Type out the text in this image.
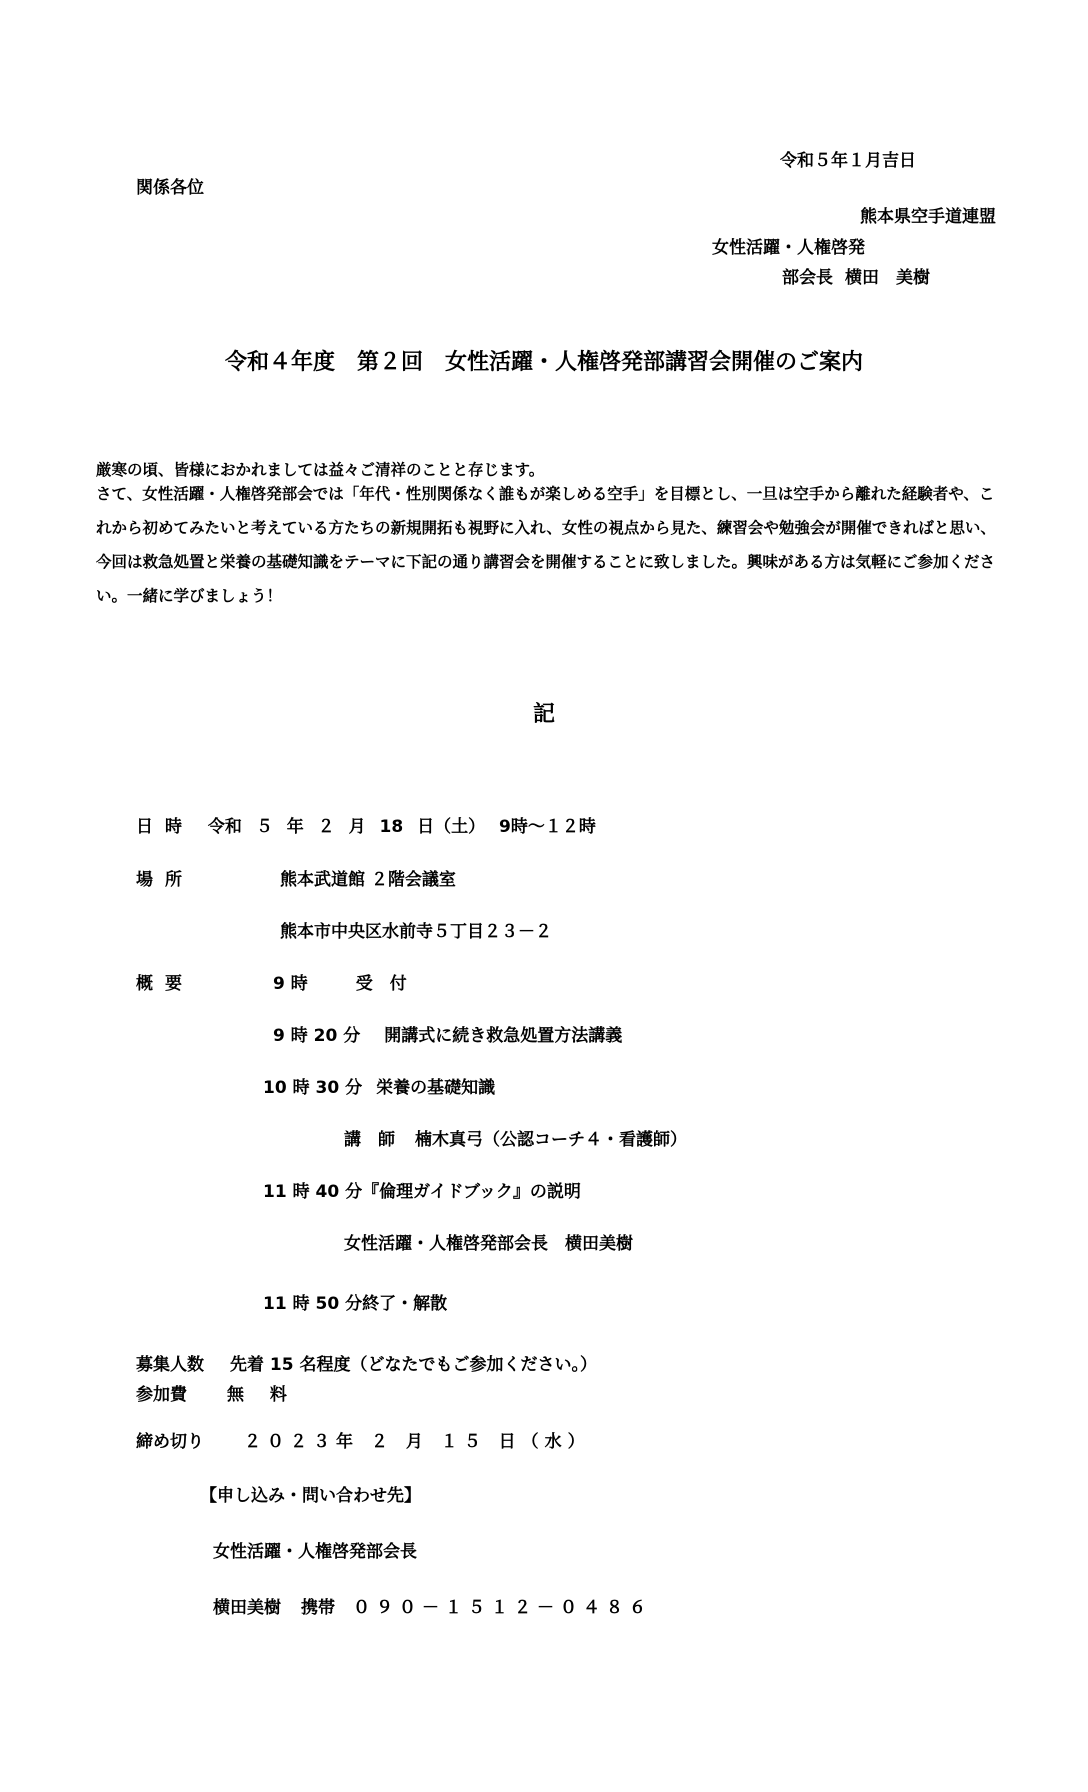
令和５年１月吉日
関係各位
熊本県空手道連盟
女性活躍・人権啓発
部会長 横田　美樹
令和４年度　第２回　女性活躍・人権啓発部講習会開催のご案内
厳寒の頃、皆様におかれましては益々ご清祥のことと存じます。
さて、女性活躍・人権啓発部会では「年代・性別関係なく誰もが楽しめる空手」を目標とし、一旦は空手から離れた経験者や、これから初めてみたいと考えている方たちの新規開拓も視野に入れ、女性の視点から見た、練習会や勉強会が開催できればと思い、今回は救急処置と栄養の基礎知識をテーマに下記の通り講習会を開催することに致しました。興味がある方は気軽にご参加ください。一緒に学びましょう！
記
日時 令和 ５ 年 ２ 月 18 日（土） 9時～１２時
場所	熊本武道館 ２階会議室
熊本市中央区水前寺５丁目２３－２
概要	9 時	受　付
9 時 20 分 開講式に続き救急処置方法講義
10 時 30 分 栄養の基礎知識
講　師 楠木真弓（公認コーチ４・看護師）
11 時 40 分『倫理ガイドブック』の説明
女性活躍・人権啓発部会長　横田美樹
11 時 50 分終了・解散
募集人数 先着 15 名程度（どなたでもご参加ください。）
参加費 無 料
締め切り ２０２３年 ２ 月 １５ 日（水）
【申し込み・問い合わせ先】
女性活躍・人権啓発部会長
横田美樹 携帯 ０９０－１５１２－０４８６
